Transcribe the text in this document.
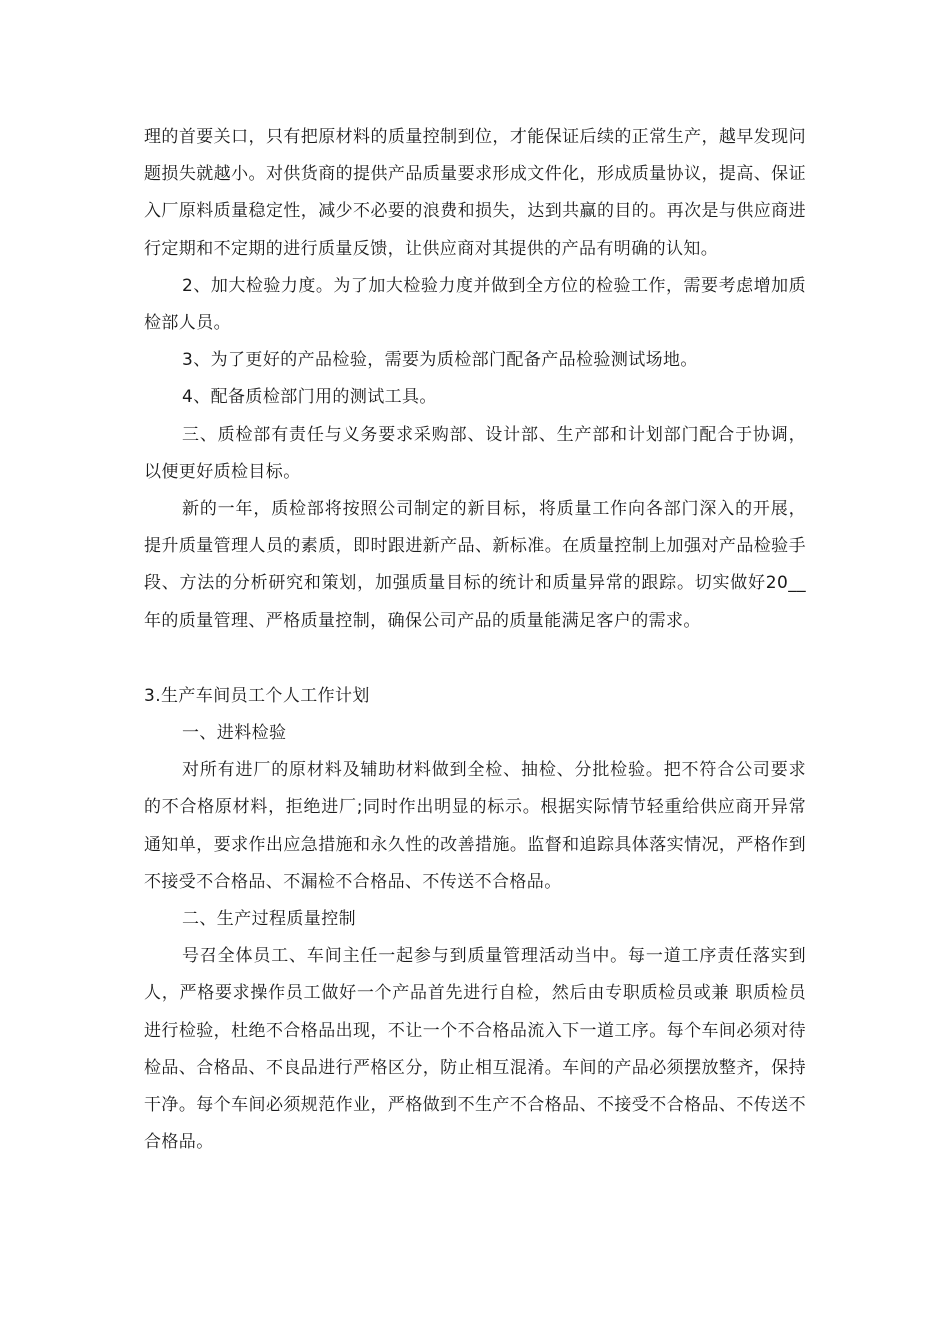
理的首要关口，只有把原材料的质量控制到位，才能保证后续的正常生产，越早发现问题损失就越小。对供货商的提供产品质量要求形成文件化，形成质量协议，提高、保证入厂原料质量稳定性，减少不必要的浪费和损失，达到共赢的目的。再次是与供应商进行定期和不定期的进行质量反馈，让供应商对其提供的产品有明确的认知。

2、加大检验力度。为了加大检验力度并做到全方位的检验工作，需要考虑增加质检部人员。

3、为了更好的产品检验，需要为质检部门配备产品检验测试场地。

4、配备质检部门用的测试工具。

三、质检部有责任与义务要求采购部、设计部、生产部和计划部门配合于协调，以便更好质检目标。

新的一年，质检部将按照公司制定的新目标，将质量工作向各部门深入的开展，提升质量管理人员的素质，即时跟进新产品、新标准。在质量控制上加强对产品检验手段、方法的分析研究和策划，加强质量目标的统计和质量异常的跟踪。切实做好20__年的质量管理、严格质量控制，确保公司产品的质量能满足客户的需求。

3.生产车间员工个人工作计划

一、进料检验

对所有进厂的原材料及辅助材料做到全检、抽检、分批检验。把不符合公司要求的不合格原材料，拒绝进厂;同时作出明显的标示。根据实际情节轻重给供应商开异常通知单，要求作出应急措施和永久性的改善措施。监督和追踪具体落实情况，严格作到不接受不合格品、不漏检不合格品、不传送不合格品。

二、生产过程质量控制

号召全体员工、车间主任一起参与到质量管理活动当中。每一道工序责任落实到人，严格要求操作员工做好一个产品首先进行自检，然后由专职质检员或兼 职质检员进行检验，杜绝不合格品出现，不让一个不合格品流入下一道工序。每个车间必须对待检品、合格品、不良品进行严格区分，防止相互混淆。车间的产品必须摆放整齐，保持干净。每个车间必须规范作业，严格做到不生产不合格品、不接受不合格品、不传送不合格品。
